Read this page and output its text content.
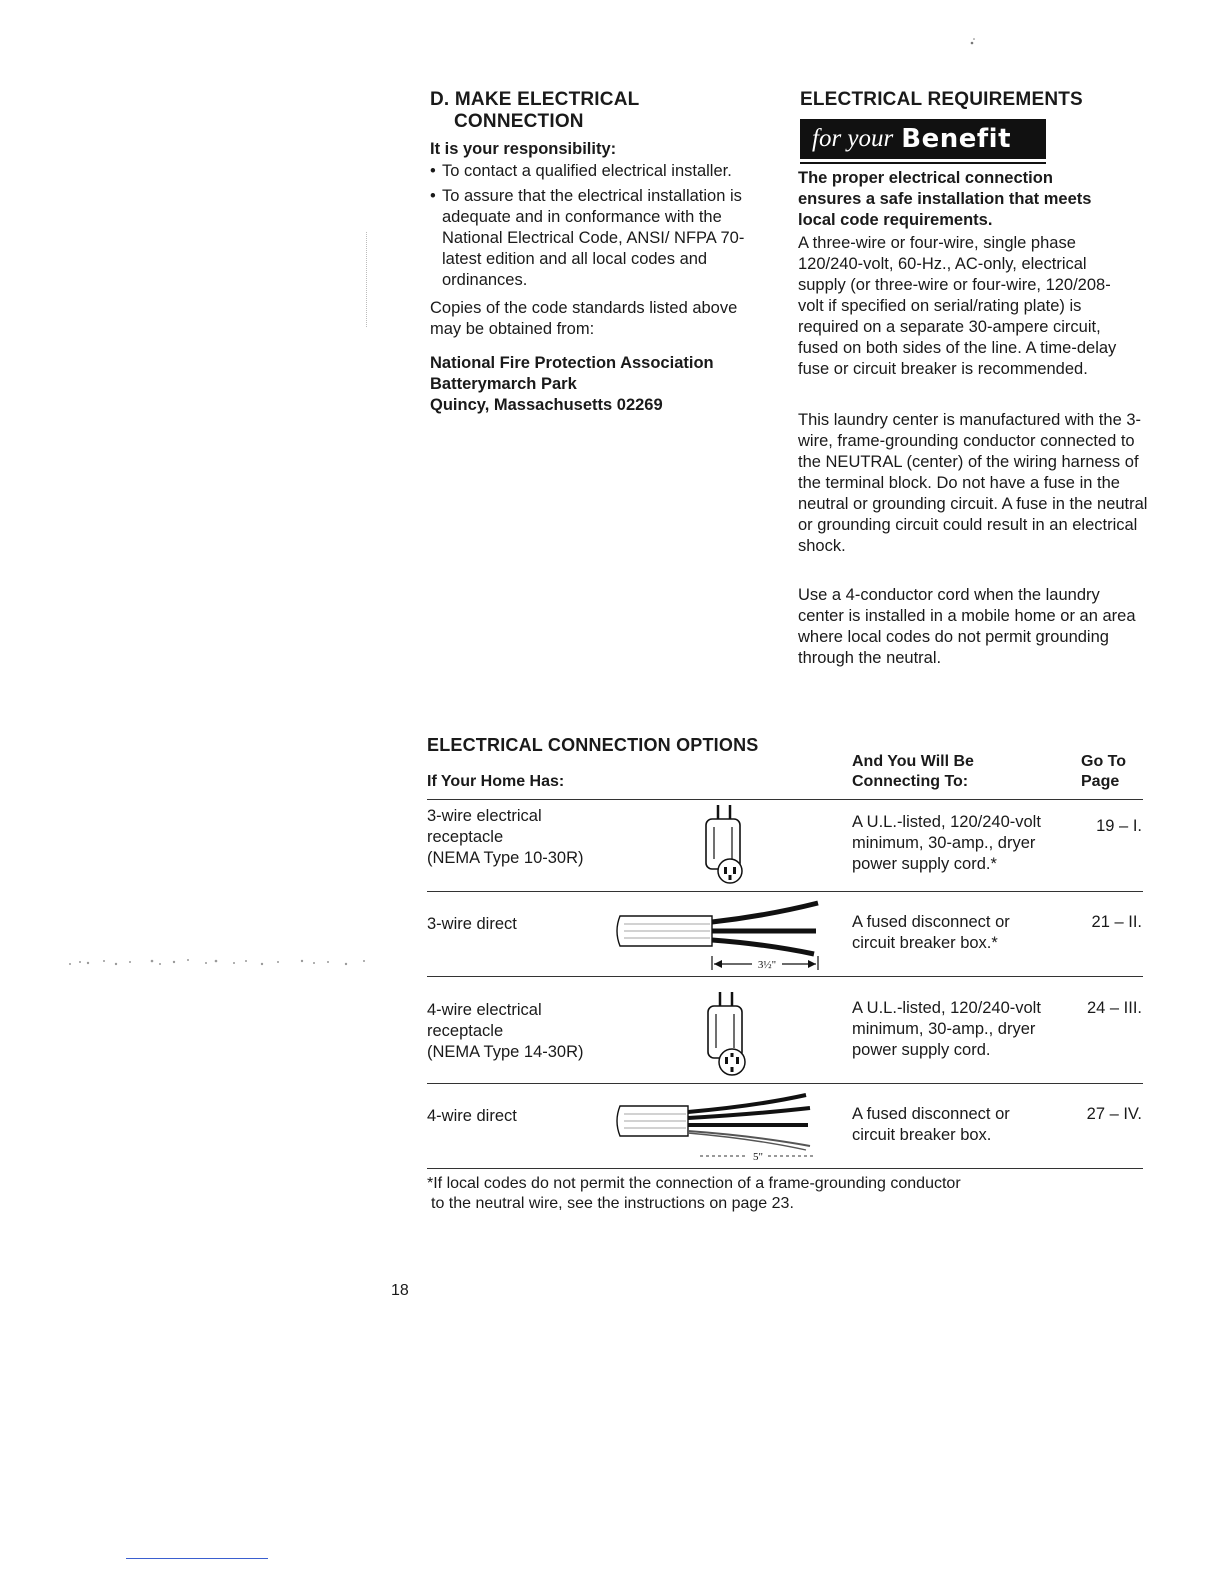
D. MAKE ELECTRICAL
CONNECTION
It is your responsibility:
• To contact a qualified electrical installer.
• To assure that the electrical installation is adequate and in conformance with the National Electrical Code, ANSI/ NFPA 70-latest edition and all local codes and ordinances.

Copies of the code standards listed above may be obtained from:

National Fire Protection Association
Batterymarch Park
Quincy, Massachusetts 02269
ELECTRICAL REQUIREMENTS
for your Benefit

The proper electrical connection ensures a safe installation that meets local code requirements.

A three-wire or four-wire, single phase 120/240-volt, 60-Hz., AC-only, electrical supply (or three-wire or four-wire, 120/208-volt if specified on serial/rating plate) is required on a separate 30-ampere circuit, fused on both sides of the line. A time-delay fuse or circuit breaker is recommended.

This laundry center is manufactured with the 3-wire, frame-grounding conductor connected to the NEUTRAL (center) of the wiring harness of the terminal block. Do not have a fuse in the neutral or grounding circuit. A fuse in the neutral or grounding circuit could result in an electrical shock.

Use a 4-conductor cord when the laundry center is installed in a mobile home or an area where local codes do not permit grounding through the neutral.

ELECTRICAL CONNECTION OPTIONS
If Your Home Has:
And You Will Be
Connecting To:
Go To
Page
3-wire electrical
receptacle
(NEMA Type 10-30R)
A U.L.-listed, 120/240-volt
minimum, 30-amp., dryer
power supply cord.*
19 – I.
3-wire direct
3½"
A fused disconnect or
circuit breaker box.*
21 – II.
4-wire electrical
receptacle
(NEMA Type 14-30R)
A U.L.-listed, 120/240-volt
minimum, 30-amp., dryer
power supply cord.
24 – III.
4-wire direct
5"
A fused disconnect or
circuit breaker box.
27 – IV.
*If local codes do not permit the connection of a frame-grounding conductor
to the neutral wire, see the instructions on page 23.
18
